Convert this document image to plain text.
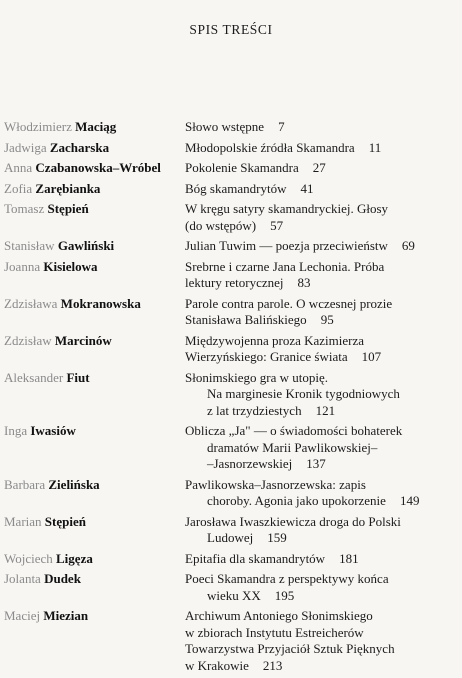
SPIS TREŚCI
Włodzimierz Maciąg	Słowo wstępne 7
Jadwiga Zacharska	Młodopolskie źródła Skamandra 11
Anna Czabanowska–Wróbel	Pokolenie Skamandra 27
Zofia Zarębianka	Bóg skamandrytów 41
Tomasz Stępień	W kręgu satyry skamandryckiej. Głosy
(do wstępów) 57
Stanisław Gawliński	Julian Tuwim — poezja przeciwieństw 69
Joanna Kisielowa	Srebrne i czarne Jana Lechonia. Próba
lektury retorycznej 83
Zdzisława Mokranowska	Parole contra parole. O wczesnej prozie
Stanisława Balińskiego 95
Zdzisław Marcinów	Międzywojenna proza Kazimierza
Wierzyńskiego: Granice świata 107
Aleksander Fiut	Słonimskiego gra w utopię.
Na marginesie Kronik tygodniowych
z lat trzydziestych 121
Inga Iwasiów	Oblicza „Ja" — o świadomości bohaterek
dramatów Marii Pawlikowskiej–
–Jasnorzewskiej 137
Barbara Zielińska	Pawlikowska–Jasnorzewska: zapis
choroby. Agonia jako upokorzenie 149
Marian Stępień	Jarosława Iwaszkiewicza droga do Polski
Ludowej 159
Wojciech Ligęza	Epitafia dla skamandrytów 181
Jolanta Dudek	Poeci Skamandra z perspektywy końca
wieku XX 195
Maciej Miezian	Archiwum Antoniego Słonimskiego
w zbiorach Instytutu Estreicherów
Towarzystwa Przyjaciół Sztuk Pięknych
w Krakowie 213
